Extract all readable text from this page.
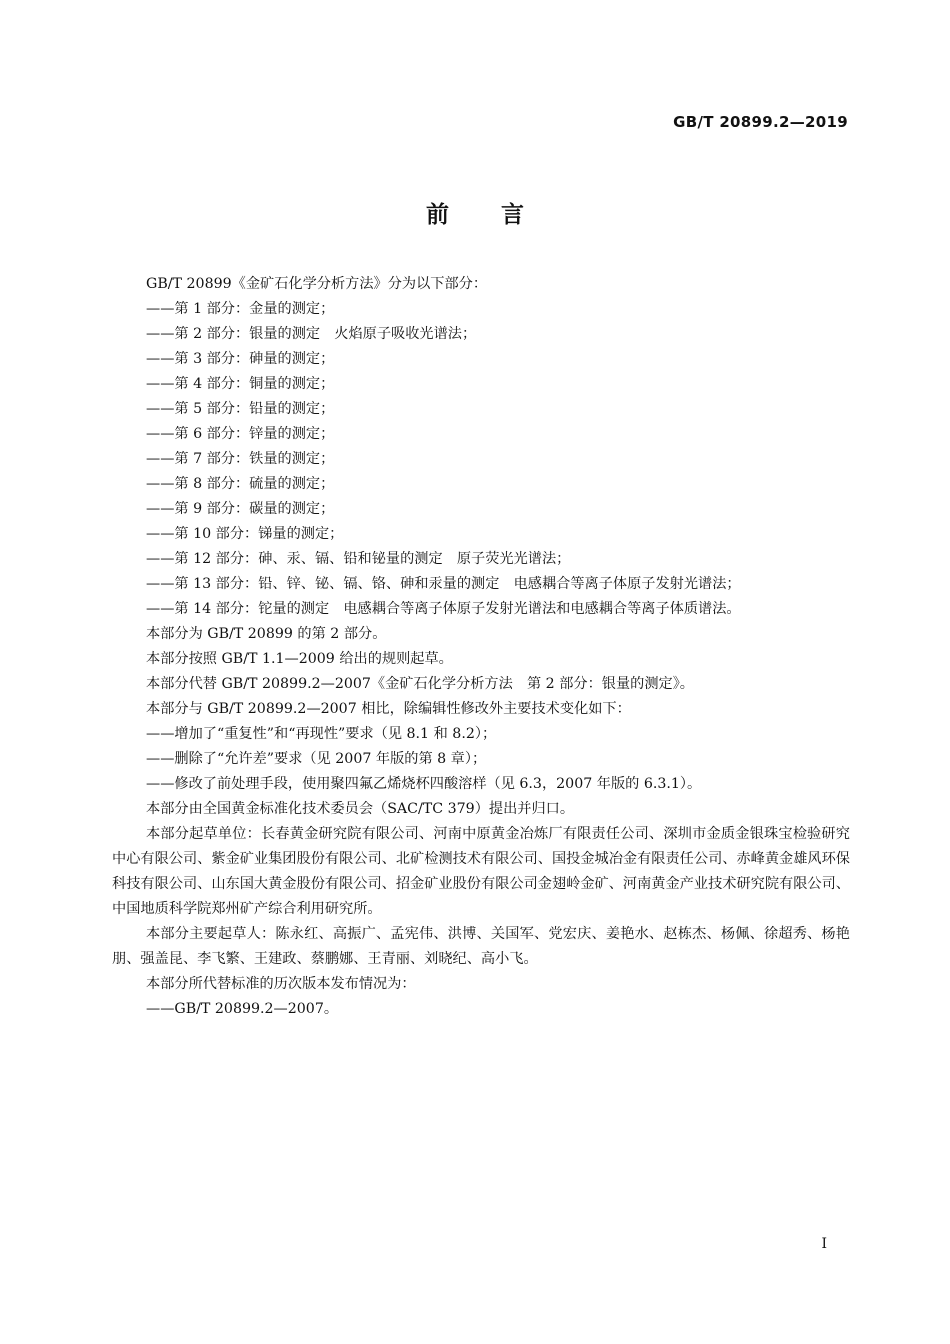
GB/T 20899.2—2019
前 言

GB/T 20899《金矿石化学分析方法》分为以下部分：

——第 1 部分：金量的测定；

——第 2 部分：银量的测定　火焰原子吸收光谱法；

——第 3 部分：砷量的测定；

——第 4 部分：铜量的测定；

——第 5 部分：铅量的测定；

——第 6 部分：锌量的测定；

——第 7 部分：铁量的测定；

——第 8 部分：硫量的测定；

——第 9 部分：碳量的测定；

——第 10 部分：锑量的测定；

——第 12 部分：砷、汞、镉、铅和铋量的测定　原子荧光光谱法；

——第 13 部分：铅、锌、铋、镉、铬、砷和汞量的测定　电感耦合等离子体原子发射光谱法；

——第 14 部分：铊量的测定　电感耦合等离子体原子发射光谱法和电感耦合等离子体质谱法。

本部分为 GB/T 20899 的第 2 部分。

本部分按照 GB/T 1.1—2009 给出的规则起草。

本部分代替 GB/T 20899.2—2007《金矿石化学分析方法　第 2 部分：银量的测定》。

本部分与 GB/T 20899.2—2007 相比，除编辑性修改外主要技术变化如下：

——增加了“重复性”和“再现性”要求（见 8.1 和 8.2）；

——删除了“允许差”要求（见 2007 年版的第 8 章）；

——修改了前处理手段，使用聚四氟乙烯烧杯四酸溶样（见 6.3，2007 年版的 6.3.1）。

本部分由全国黄金标准化技术委员会（SAC/TC 379）提出并归口。

本部分起草单位：长春黄金研究院有限公司、河南中原黄金冶炼厂有限责任公司、深圳市金质金银珠宝检验研究中心有限公司、紫金矿业集团股份有限公司、北矿检测技术有限公司、国投金城冶金有限责任公司、赤峰黄金雄风环保科技有限公司、山东国大黄金股份有限公司、招金矿业股份有限公司金翅岭金矿、河南黄金产业技术研究院有限公司、中国地质科学院郑州矿产综合利用研究所。

本部分主要起草人：陈永红、高振广、孟宪伟、洪博、关国军、党宏庆、姜艳水、赵栋杰、杨佩、徐超秀、杨艳朋、强盖昆、李飞繁、王建政、蔡鹏娜、王青丽、刘晓纪、高小飞。

本部分所代替标准的历次版本发布情况为：

——GB/T 20899.2—2007。

I
